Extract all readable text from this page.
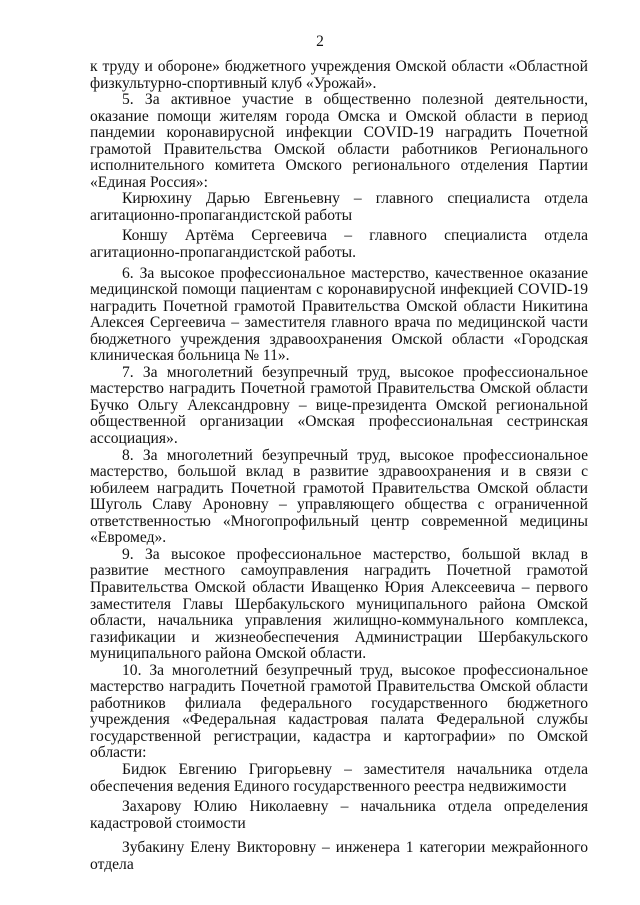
2

к труду и обороне» бюджетного учреждения Омской области «Областной физкультурно-спортивный клуб «Урожай».

5. За активное участие в общественно полезной деятельности, оказание помощи жителям города Омска и Омской области в период пандемии коронавирусной инфекции COVID-19 наградить Почетной грамотой Правительства Омской области работников Регионального исполнительного комитета Омского регионального отделения Партии «Единая Россия»:

Кирюхину Дарью Евгеньевну – главного специалиста отдела агитационно-пропагандистской работы

Коншу Артёма Сергеевича – главного специалиста отдела агитационно-пропагандистской работы.

6. За высокое профессиональное мастерство, качественное оказание медицинской помощи пациентам с коронавирусной инфекцией COVID-19 наградить Почетной грамотой Правительства Омской области Никитина Алексея Сергеевича – заместителя главного врача по медицинской части бюджетного учреждения здравоохранения Омской области «Городская клиническая больница № 11».

7. За многолетний безупречный труд, высокое профессиональное мастерство наградить Почетной грамотой Правительства Омской области Бучко Ольгу Александровну – вице-президента Омской региональной общественной организации «Омская профессиональная сестринская ассоциация».

8. За многолетний безупречный труд, высокое профессиональное мастерство, большой вклад в развитие здравоохранения и в связи с юбилеем наградить Почетной грамотой Правительства Омской области Шуголь Славу Ароновну – управляющего общества с ограниченной ответственностью «Многопрофильный центр современной медицины «Евромед».

9. За высокое профессиональное мастерство, большой вклад в развитие местного самоуправления наградить Почетной грамотой Правительства Омской области Иващенко Юрия Алексеевича – первого заместителя Главы Шербакульского муниципального района Омской области, начальника управления жилищно-коммунального комплекса, газификации и жизнеобеспечения Администрации Шербакульского муниципального района Омской области.

10. За многолетний безупречный труд, высокое профессиональное мастерство наградить Почетной грамотой Правительства Омской области работников филиала федерального государственного бюджетного учреждения «Федеральная кадастровая палата Федеральной службы государственной регистрации, кадастра и картографии» по Омской области:

Бидюк Евгению Григорьевну – заместителя начальника отдела обеспечения ведения Единого государственного реестра недвижимости

Захарову Юлию Николаевну – начальника отдела определения кадастровой стоимости

Зубакину Елену Викторовну – инженера 1 категории межрайонного отдела
